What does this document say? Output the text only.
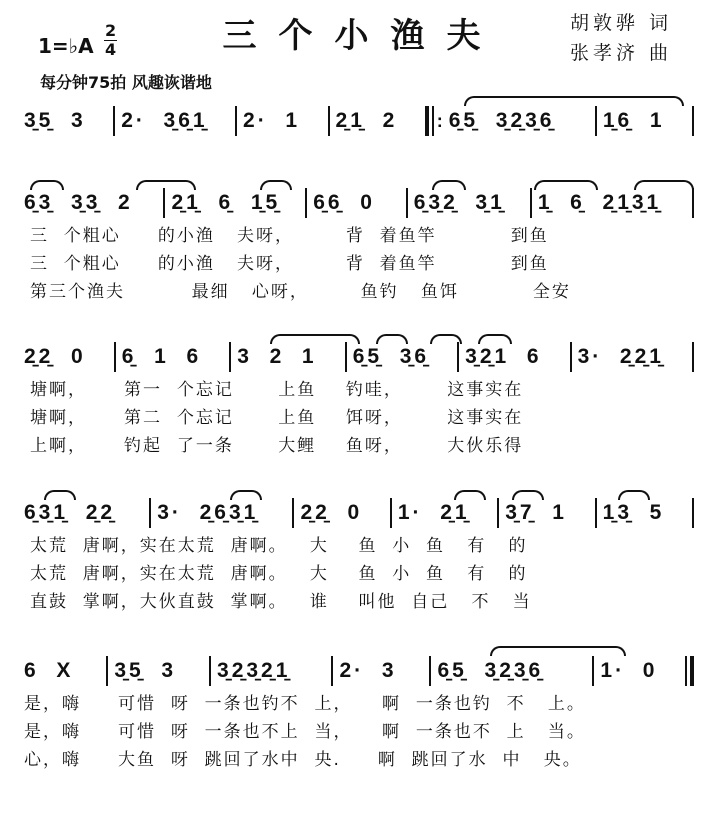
三个小渔夫
1=♭A
2
4
胡敦骅 词
张孝济 曲
每分钟75拍 风趣诙谐地
3̱5̱  3	2·  3̱6̱1̱	2·  1	2̱1̱  2	: 6̱5̱  3̱2̱3̱6̱	1̱6̱  1
6̱3̱  3̱3̱  2	2̱1̱  6̱  1̱5̱	6̱6̱  0	6̱3̱2̱  3̱1̱	1̱  6̱  2̱1̱3̱1̱
三  个粗心     的小渔   夫呀，       背  着鱼竿          到鱼
三  个粗心     的小渔   夫呀，       背  着鱼竿          到鱼
第三个渔夫         最细   心呀，       鱼钓   鱼饵          全安
2̱2̱  0	6̱  1  6	3  2  1	6̱5̱  3̱6̱	3̱2̱1  6	3·  2̱2̱1̱
塘啊，     第一  个忘记      上鱼    钓哇，      这事实在
塘啊，     第二  个忘记      上鱼    饵呀，      这事实在
上啊，     钓起  了一条      大鲤    鱼呀，      大伙乐得
6̱3̱1̱  2̱2̱	3·  2̱6̱3̱1̱	2̱2̱  0	1·  2̱1̱	3̱7̱  1	1̱3̱  5
太荒  唐啊，实在太荒  唐啊。   大    鱼  小  鱼   有   的
太荒  唐啊，实在太荒  唐啊。   大    鱼  小  鱼   有   的
直鼓  掌啊，大伙直鼓  掌啊。   谁    叫他  自己   不   当
6  X	3̱5̱  3	3̱2̱3̱2̱1̱	2·  3	6̱5̱  3̱2̱3̱6̱	1·  0
是，嗨     可惜  呀  一条也钓不  上，    啊  一条也钓  不   上。
是，嗨     可惜  呀  一条也不上  当，    啊  一条也不  上   当。
心，嗨     大鱼  呀  跳回了水中  央.     啊  跳回了水  中   央。
